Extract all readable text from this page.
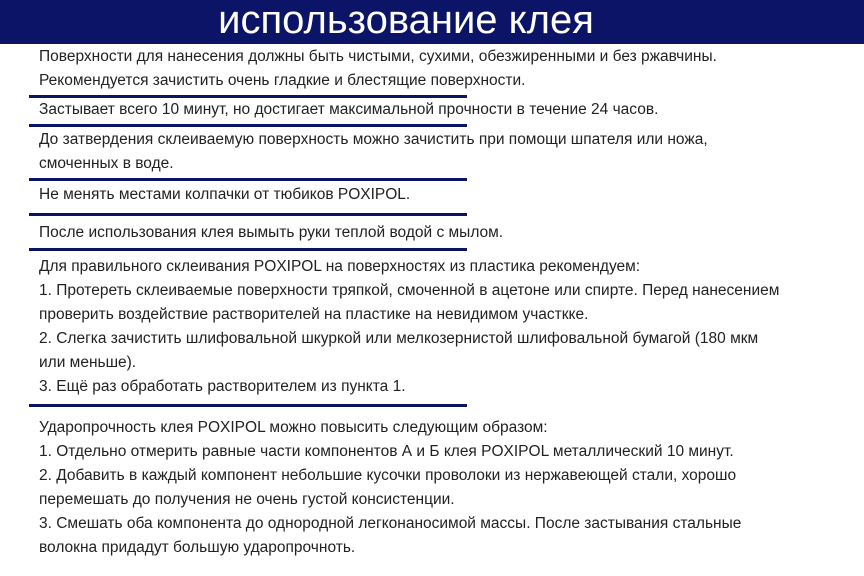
использование клея
Поверхности для нанесения должны быть чистыми, сухими, обезжиренными и без ржавчины.
Рекомендуется зачистить очень гладкие и блестящие поверхности.
Застывает всего 10 минут, но достигает максимальной прочности в течение 24 часов.
До затвердения склеиваемую поверхность можно зачистить при помощи шпателя или ножа,
смоченных в воде.
Не менять местами колпачки от тюбиков POXIPOL.
После использования клея вымыть руки теплой водой с мылом.
Для правильного склеивания POXIPOL на поверхностях из пластика рекомендуем:
1. Протереть склеиваемые поверхности тряпкой, смоченной в ацетоне или спирте. Перед нанесением
проверить воздействие растворителей на пластике на невидимом участкке.
2. Слегка зачистить шлифовальной шкуркой или мелкозернистой шлифовальной бумагой (180 мкм
или меньше).
3. Ещё раз обработать растворителем из пункта 1.
Ударопрочность клея POXIPOL можно повысить следующим образом:
1. Отдельно отмерить равные части компонентов А и Б клея POXIPOL металлический 10 минут.
2. Добавить в каждый компонент небольшие кусочки проволоки из нержавеющей стали, хорошо
перемешать до получения не очень густой консистенции.
3. Смешать оба компонента до однородной легконаносимой массы. После застывания стальные
волокна придадут большую ударопрочноть.
